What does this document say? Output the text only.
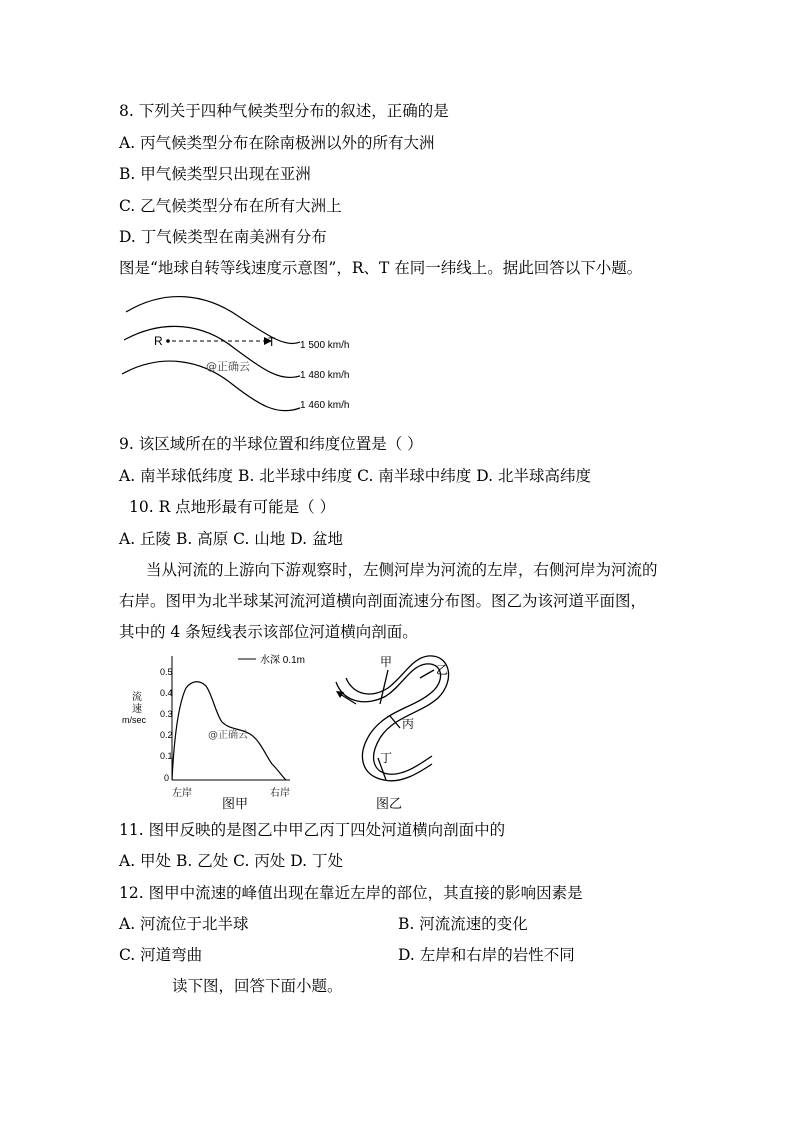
8. 下列关于四种气候类型分布的叙述，正确的是
A. 丙气候类型分布在除南极洲以外的所有大洲
B. 甲气候类型只出现在亚洲
C. 乙气候类型分布在所有大洲上
D. 丁气候类型在南美洲有分布
图是“地球自转等线速度示意图”，R、T 在同一纬线上。据此回答以下小题。
R	T 1 500 km/h
1 480 km/h
1 460 km/h
@正确云
9. 该区域所在的半球位置和纬度位置是（ ）
A. 南半球低纬度 B. 北半球中纬度 C. 南半球中纬度 D. 北半球高纬度
10. R 点地形最有可能是（ ）
A. 丘陵 B. 高原 C. 山地 D. 盆地
当从河流的上游向下游观察时，左侧河岸为河流的左岸，右侧河岸为河流的
右岸。图甲为北半球某河流河道横向剖面流速分布图。图乙为该河道平面图，
其中的 4 条短线表示该部位河道横向剖面。
水深 0.1m
流
速
m/sec
0.5
0.4
0.3
0.2
0.1
0
@正确云
左岸	右岸
图甲
甲
乙
丙
丁
图乙
11. 图甲反映的是图乙中甲乙丙丁四处河道横向剖面中的
A. 甲处 B. 乙处 C. 丙处 D. 丁处
12. 图甲中流速的峰值出现在靠近左岸的部位，其直接的影响因素是
A. 河流位于北半球	B. 河流流速的变化
C. 河道弯曲	D. 左岸和右岸的岩性不同
读下图，回答下面小题。
